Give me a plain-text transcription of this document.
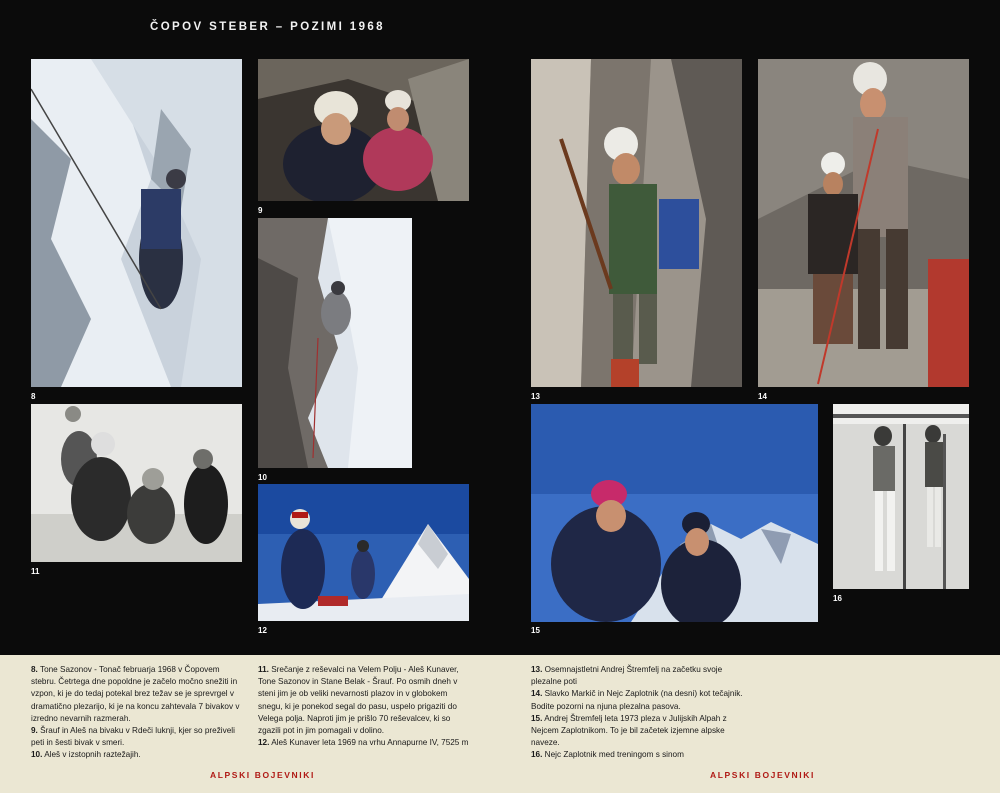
ČOPOV STEBER – POZIMI 1968
8
9
10
11
12
13	14
15
16

8. Tone Sazonov - Tonač februarja 1968 v Čopovem stebru. Četrtega dne popoldne je začelo močno snežiti in vzpon, ki je do tedaj potekal brez težav se je sprevrgel v dramatično plezarijo, ki je na koncu zahtevala 7 bivakov v izredno nevarnih razmerah.

9. Šrauf in Aleš na bivaku v Rdeči luknji, kjer so preživeli peti in šesti bivak v smeri.

10. Aleš v izstopnih raztežajih.

11. Srečanje z reševalci na Velem Polju - Aleš Kunaver, Tone Sazonov in Stane Belak - Šrauf. Po osmih dneh v steni jim je ob veliki nevarnosti plazov in v globokem snegu, ki je ponekod segal do pasu, uspelo prigaziti do Velega polja. Naproti jim je prišlo 70 reševalcev, ki so zgazili pot in jim pomagali v dolino.

12. Aleš Kunaver leta 1969 na vrhu Annapurne IV, 7525 m

13. Osemnajstletni Andrej Štremfelj na začetku svoje plezalne poti

14. Slavko Markič in Nejc Zaplotnik (na desni) kot tečajnik. Bodite pozorni na njuna plezalna pasova.

15. Andrej Štremfelj leta 1973 pleza v Julijskih Alpah z Nejcem Zaplotnikom. To je bil začetek izjemne alpske naveze.

16. Nejc Zaplotnik med treningom s sinom

ALPSKI BOJEVNIKI	ALPSKI BOJEVNIKI
